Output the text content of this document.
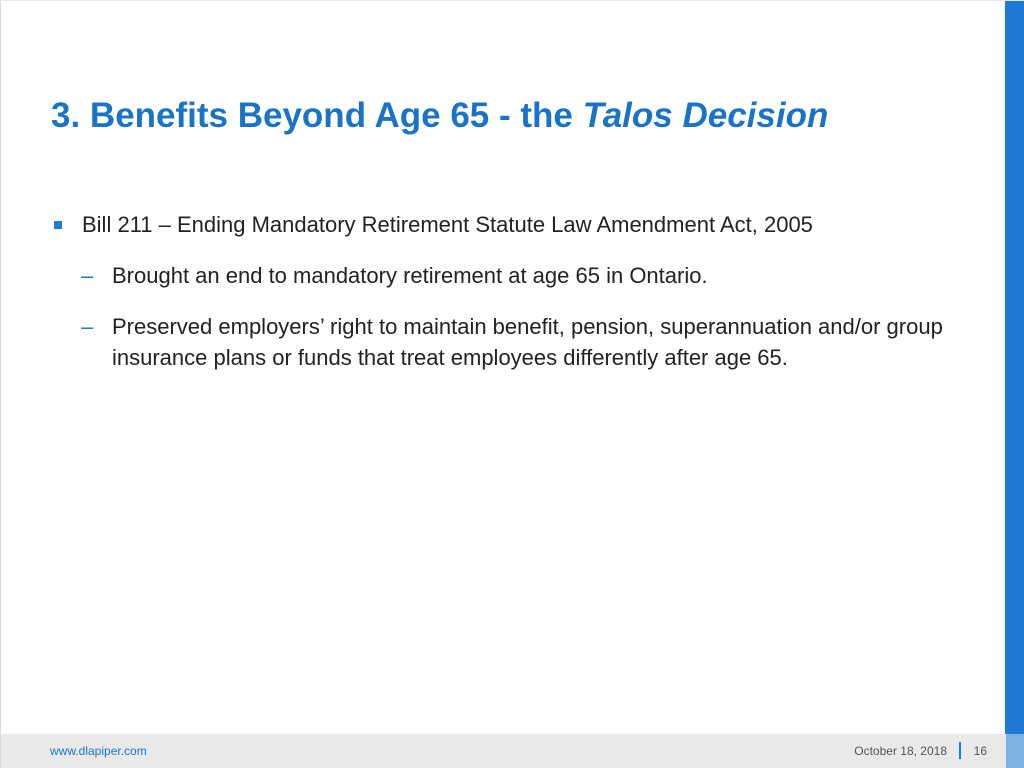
3. Benefits Beyond Age 65 - the Talos Decision
Bill 211 – Ending Mandatory Retirement Statute Law Amendment Act, 2005
– Brought an end to mandatory retirement at age 65 in Ontario.
– Preserved employers’ right to maintain benefit, pension, superannuation and/or group insurance plans or funds that treat employees differently after age 65.
www.dlapiper.com	October 18, 2018 16
